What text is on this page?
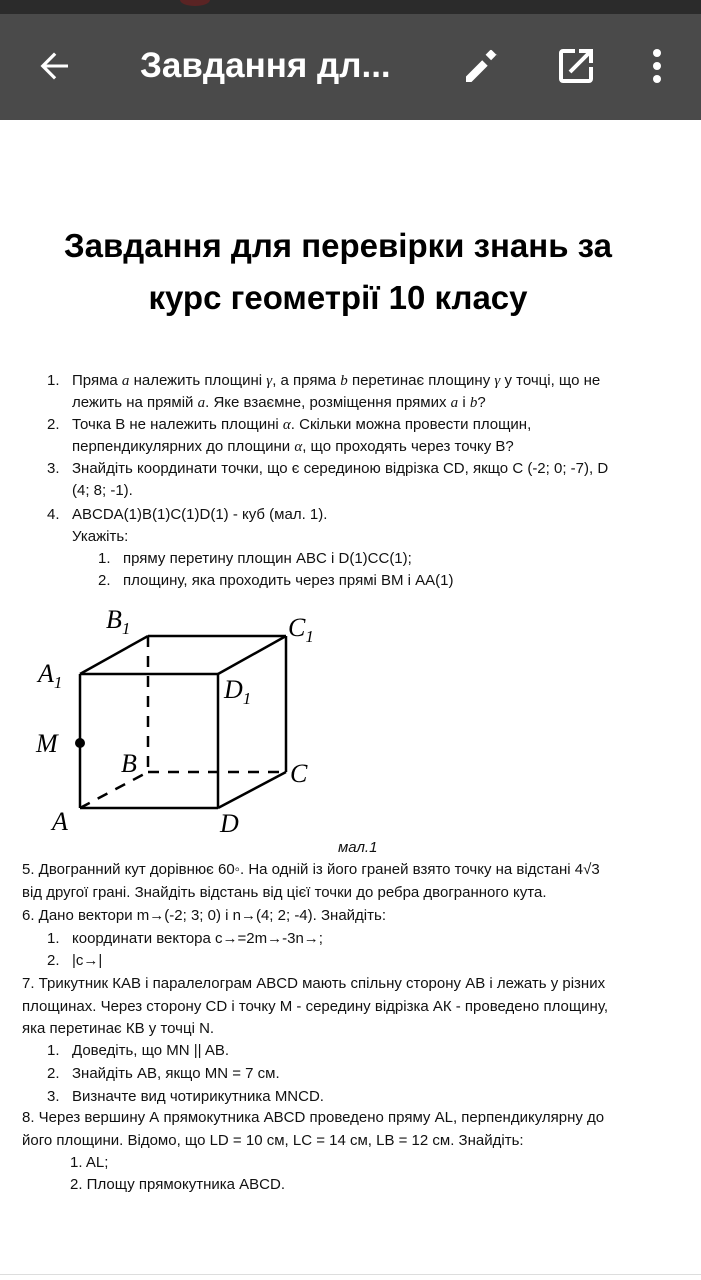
Завдання дл...
Завдання для перевірки знань за
курс геометрії 10 класу
1. Пряма a належить площині γ, а пряма b перетинає площину γ у точці, що не
лежить на прямій a. Яке взаємне, розміщення прямих a і b?
2. Точка В не належить площині α. Скільки можна провести площин,
перпендикулярних до площини α, що проходять через точку В?
3. Знайдіть координати точки, що є серединою відрізка CD, якщо C (-2; 0; -7), D
(4; 8; -1).
4. ABCDA(1)B(1)C(1)D(1) - куб (мал. 1).
Укажіть:
1. пряму перетину площин ABC і D(1)CC(1);
2. площину, яка проходить через прямі BM і AA(1)
$B_1$	$C_1$
$A_1$	$D_1$
M
B	C
A	D
мал.1
5. Двогранний кут дорівнює 60◦. На одній із його граней взято точку на відстані 4√3
від другої грані. Знайдіть відстань від цієї точки до ребра двогранного кута.
6. Дано вектори m→(-2; 3; 0) і n→(4; 2; -4). Знайдіть:
1. координати вектора c→=2m→-3n→;
2. |c→|
7. Трикутник КАВ і паралелограм ABCD мають спільну сторону АВ і лежать у різних
площинах. Через сторону CD і точку М - середину відрізка АК - проведено площину,
яка перетинає КВ у точці N.
1. Доведіть, що MN || AB.
2. Знайдіть AB, якщо MN = 7 см.
3. Визначте вид чотирикутника MNCD.
8. Через вершину А прямокутника ABCD проведено пряму AL, перпендикулярну до
його площини. Відомо, що LD = 10 см, LC = 14 см, LB = 12 см. Знайдіть:
1. AL;
2. Площу прямокутника ABCD.
